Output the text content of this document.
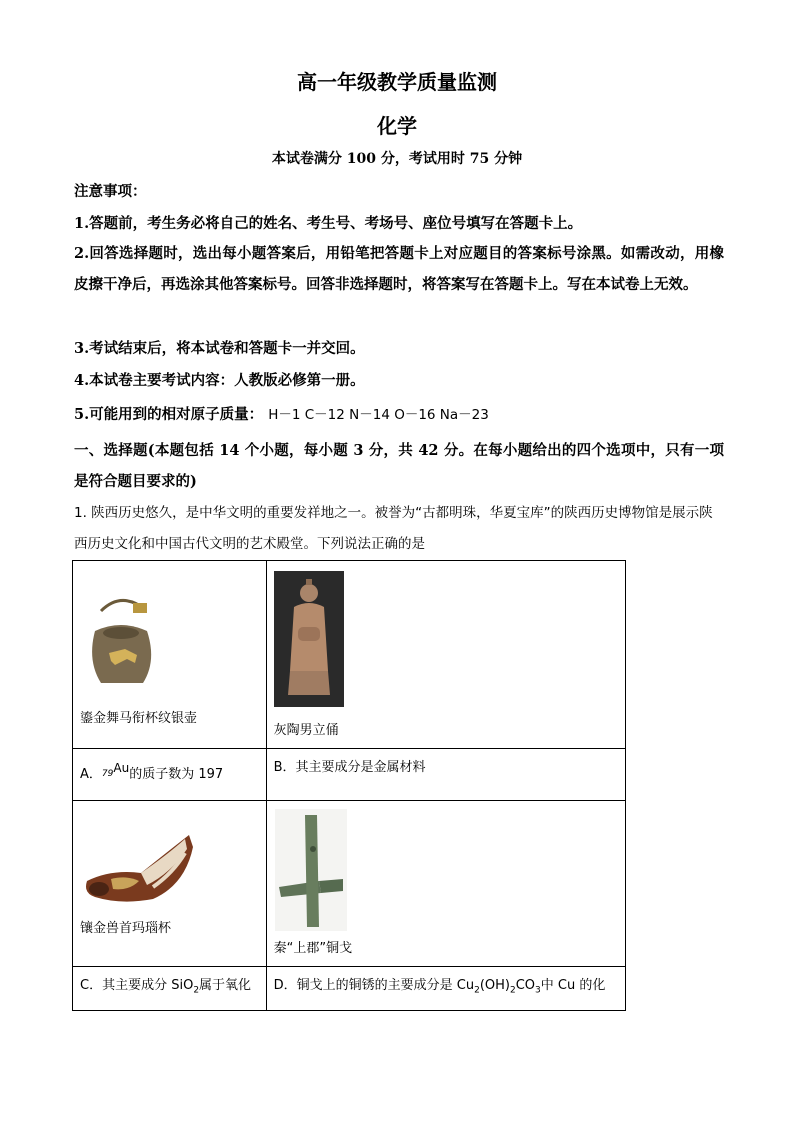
高一年级教学质量监测
化学
本试卷满分 100 分，考试用时 75 分钟
注意事项：
1.答题前，考生务必将自己的姓名、考生号、考场号、座位号填写在答题卡上。
2.回答选择题时，选出每小题答案后，用铅笔把答题卡上对应题目的答案标号涂黑。如需改动，用橡皮擦干净后，再选涂其他答案标号。回答非选择题时，将答案写在答题卡上。写在本试卷上无效。
3.考试结束后，将本试卷和答题卡一并交回。
4.本试卷主要考试内容：人教版必修第一册。
5.可能用到的相对原子质量： H－1 C－12 N－14 O－16 Na－23
一、选择题(本题包括 14 个小题，每小题 3 分，共 42 分。在每小题给出的四个选项中，只有一项是符合题目要求的)
1. 陕西历史悠久，是中华文明的重要发祥地之一。被誉为“古都明珠，华夏宝库”的陕西历史博物馆是展示陕西历史文化和中国古代文明的艺术殿堂。下列说法正确的是
鎏金舞马衔杯纹银壶	灰陶男立俑

A．79Au的质子数为 197	B．其主要成分是金属材料

镶金兽首玛瑙杯	秦“上郡”铜戈

C．其主要成分 SiO$_2$属于氧化	D．铜戈上的铜锈的主要成分是 $Cu_2(OH)_2CO_3$中 Cu 的化
